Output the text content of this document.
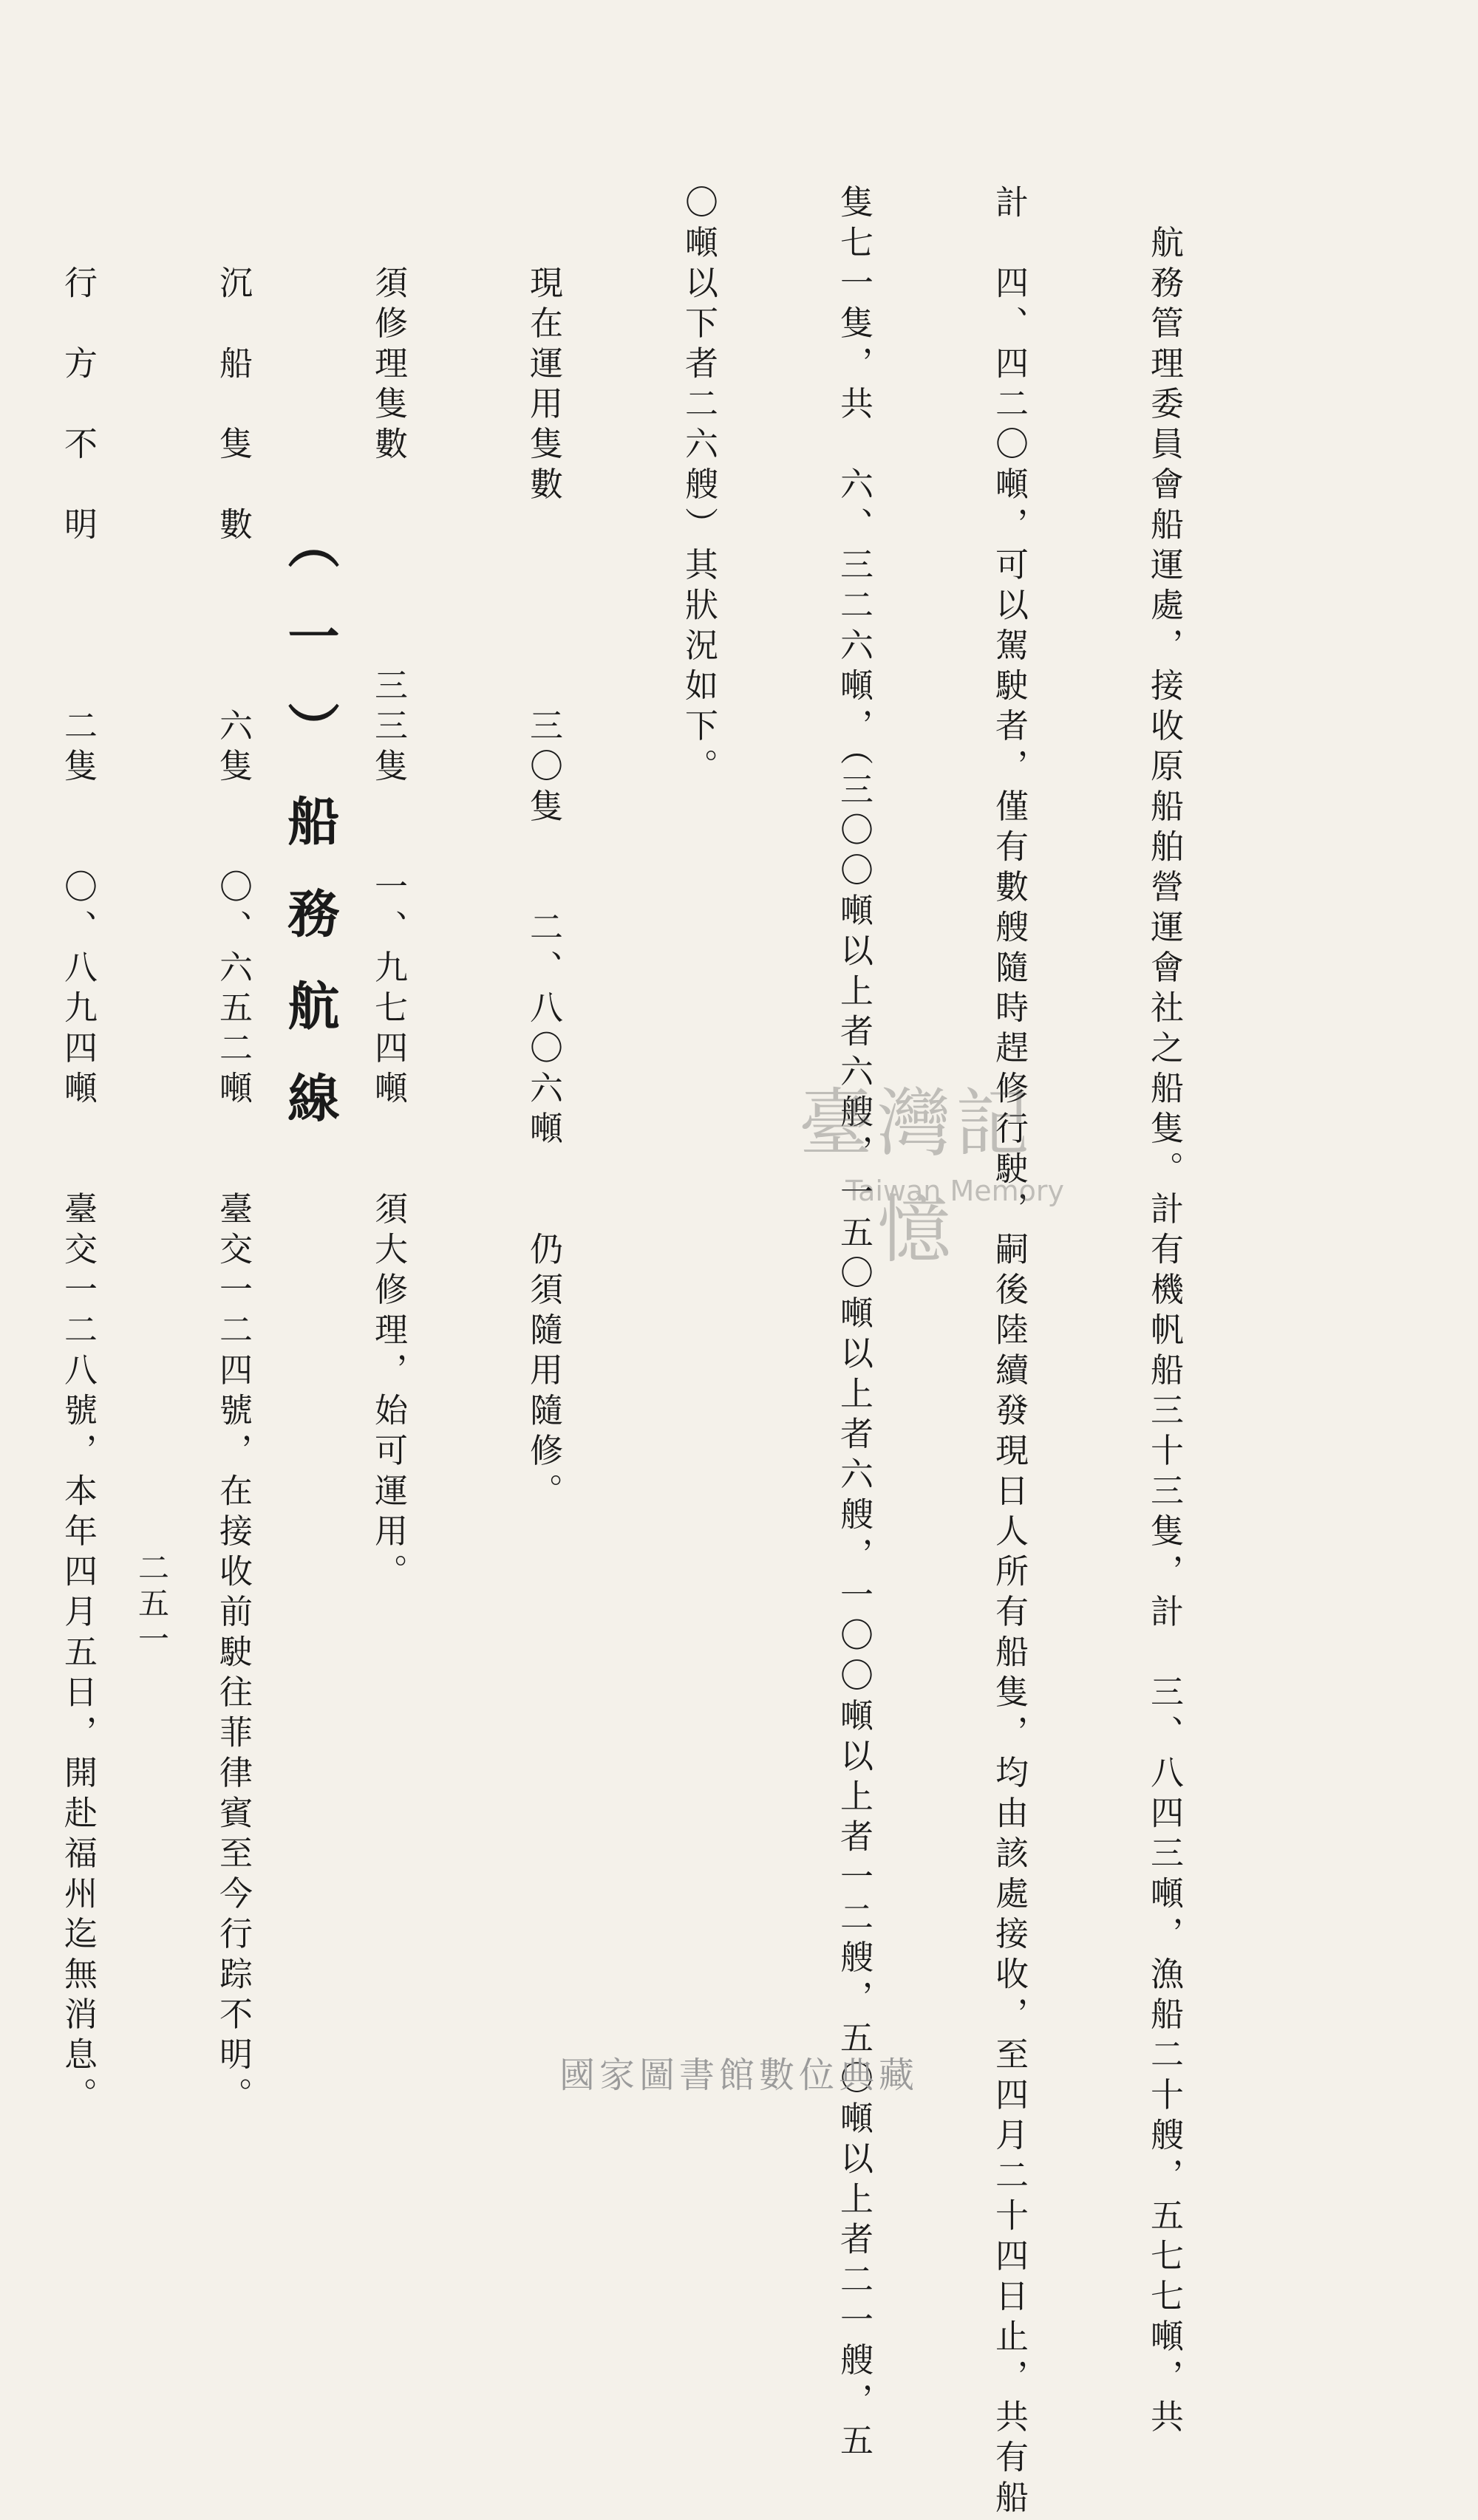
（一）船務航線

	　航務管理委員會船運處，接收原船舶營運會社之船隻。計有機帆船三十三隻，計　三、八四三噸，漁船二十艘，五七七噸，共

計　四、四二〇噸，可以駕駛者，僅有數艘隨時趕修行駛，嗣後陸續發現日人所有船隻，均由該處接收，至四月二十四日止，共有船

隻七一隻，共　六、三二六噸，（三〇〇噸以上者六艘，一五〇噸以上者六艘，一〇〇噸以上者一二艘，五〇噸以上者二一艘，五

〇噸以下者二六艘）其狀況如下。

　　現在運用隻數　　　　　三〇隻　　二、八〇六噸　　仍須隨用隨修。

　　須修理隻數　　　　　三三隻　　一、九七四噸　　須大修理，始可運用。

　　沉　船　隻　數　　　　六隻　　〇、六五二噸　　臺交一二四號，在接收前駛往菲律賓至今行踪不明。

　　行　方　不　明　　　　二隻　　〇、八九四噸　　臺交一二八號，本年四月五日，開赴福州迄無消息。

二五一
臺灣記憶
Taiwan Memory
國家圖書館數位典藏
